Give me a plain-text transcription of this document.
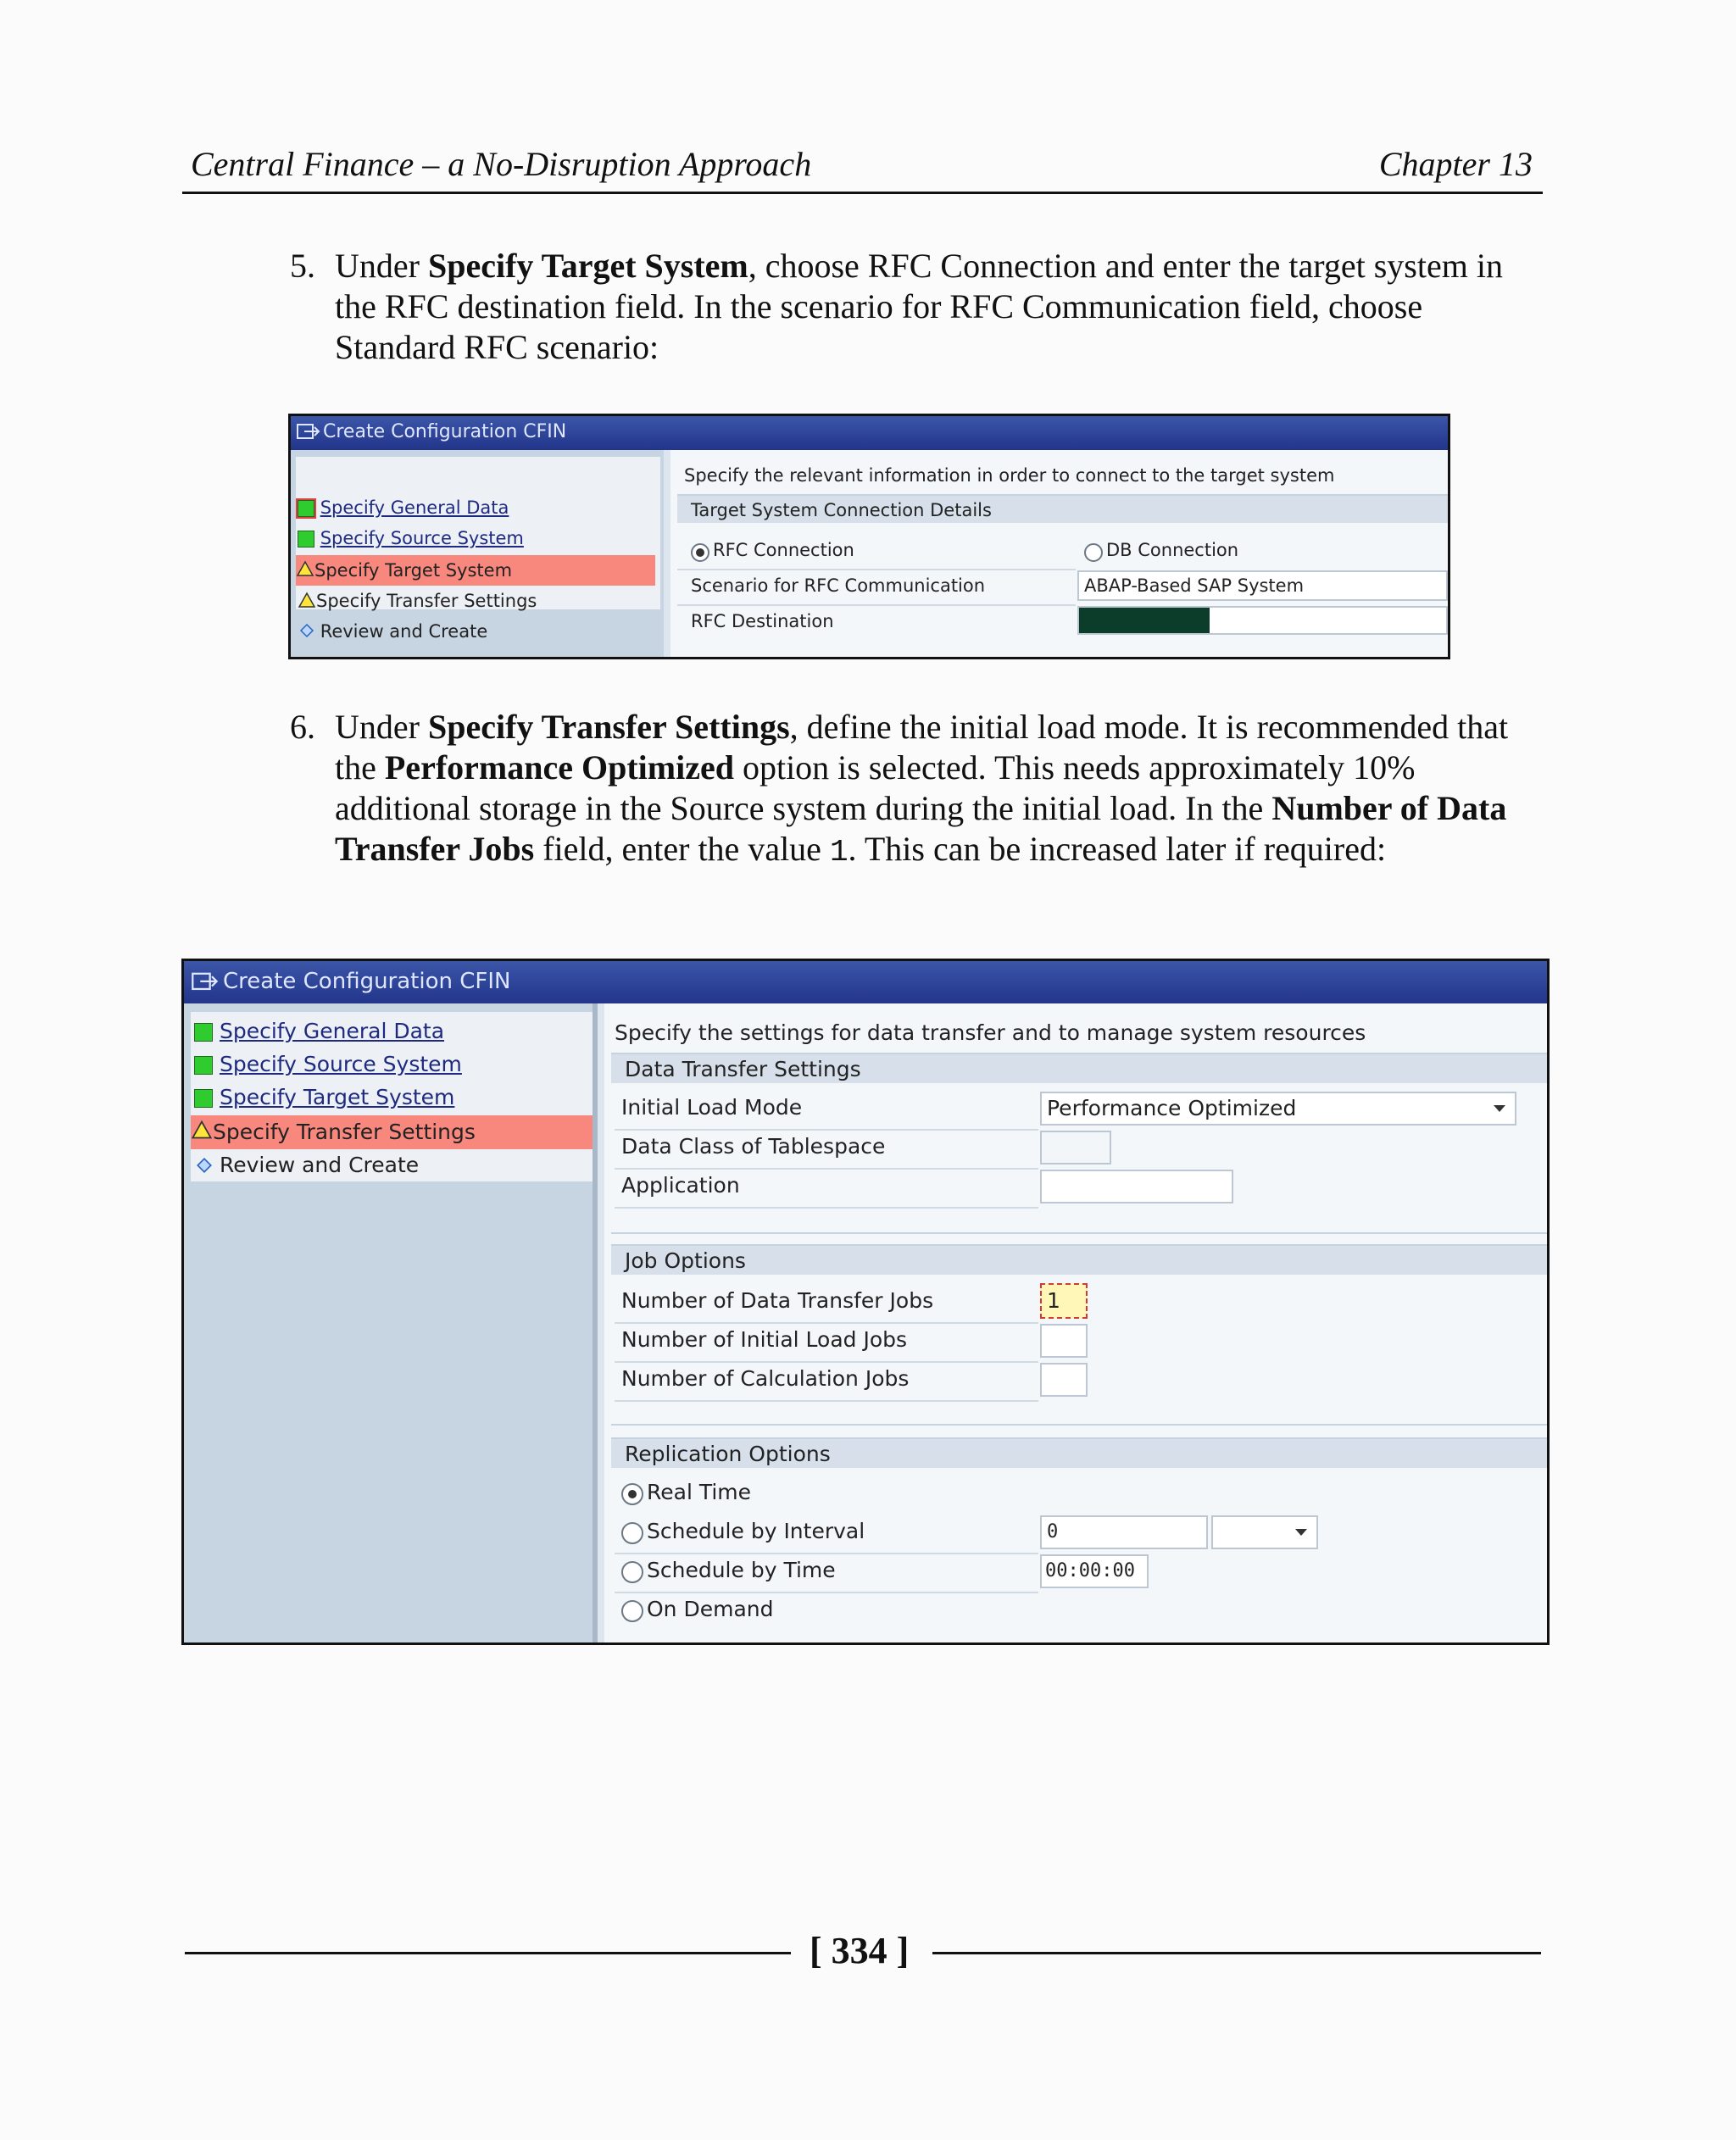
Central Finance – a No-Disruption Approach	Chapter 13
5. Under Specify Target System, choose RFC Connection and enter the target system in the RFC destination field. In the scenario for RFC Communication field, choose Standard RFC scenario:
Create Configuration CFIN
Specify General Data
Specify Source System
Specify Target System
Specify Transfer Settings
Review and Create
Specify the relevant information in order to connect to the target system
Target System Connection Details
RFC Connection	DB Connection
Scenario for RFC Communication	ABAP-Based SAP System
RFC Destination
6. Under Specify Transfer Settings, define the initial load mode. It is recommended that the Performance Optimized option is selected. This needs approximately 10% additional storage in the Source system during the initial load. In the Number of Data Transfer Jobs field, enter the value 1. This can be increased later if required:
Create Configuration CFIN
Specify General Data
Specify Source System
Specify Target System
Specify Transfer Settings
Review and Create
Specify the settings for data transfer and to manage system resources
Data Transfer Settings
Initial Load Mode	Performance Optimized
Data Class of Tablespace
Application
Job Options
Number of Data Transfer Jobs	1
Number of Initial Load Jobs
Number of Calculation Jobs
Replication Options
Real Time
Schedule by Interval	0
Schedule by Time	00:00:00
On Demand
[ 334 ]
